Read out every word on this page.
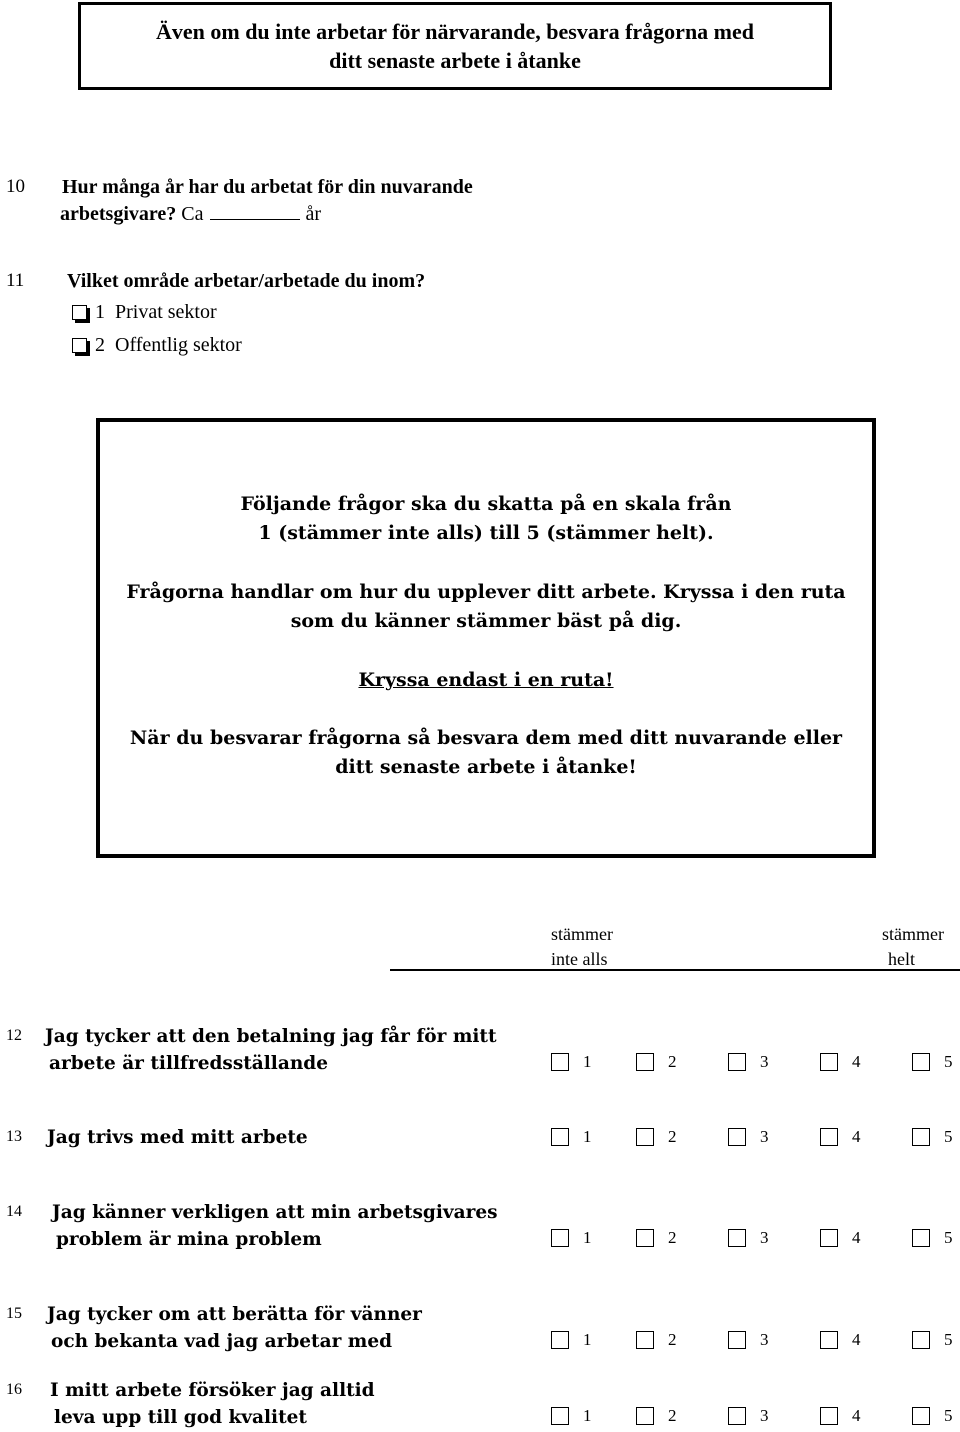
Även om du inte arbetar för närvarande, besvara frågorna med
ditt senaste arbete i åtanke
10 Hur många år har du arbetat för din nuvarande
arbetsgivare? Ca	år
11 Vilket område arbetar/arbetade du inom?
1 Privat sektor
2 Offentlig sektor
Följande frågor ska du skatta på en skala från
1 (stämmer inte alls) till 5 (stämmer helt).
Frågorna handlar om hur du upplever ditt arbete. Kryssa i den ruta
som du känner stämmer bäst på dig.
Kryssa endast i en ruta!
När du besvarar frågorna så besvara dem med ditt nuvarande eller
ditt senaste arbete i åtanke!
stämmer
inte alls
stämmer
helt
12 Jag tycker att den betalning jag får för mitt
arbete är tillfredsställande	1	2	3	4	5
13 Jag trivs med mitt arbete	1	2	3	4	5
14 Jag känner verkligen att min arbetsgivares
problem är mina problem	1	2	3	4	5
15 Jag tycker om att berätta för vänner
och bekanta vad jag arbetar med	1	2	3	4	5
16 I mitt arbete försöker jag alltid
leva upp till god kvalitet	1	2	3	4	5
